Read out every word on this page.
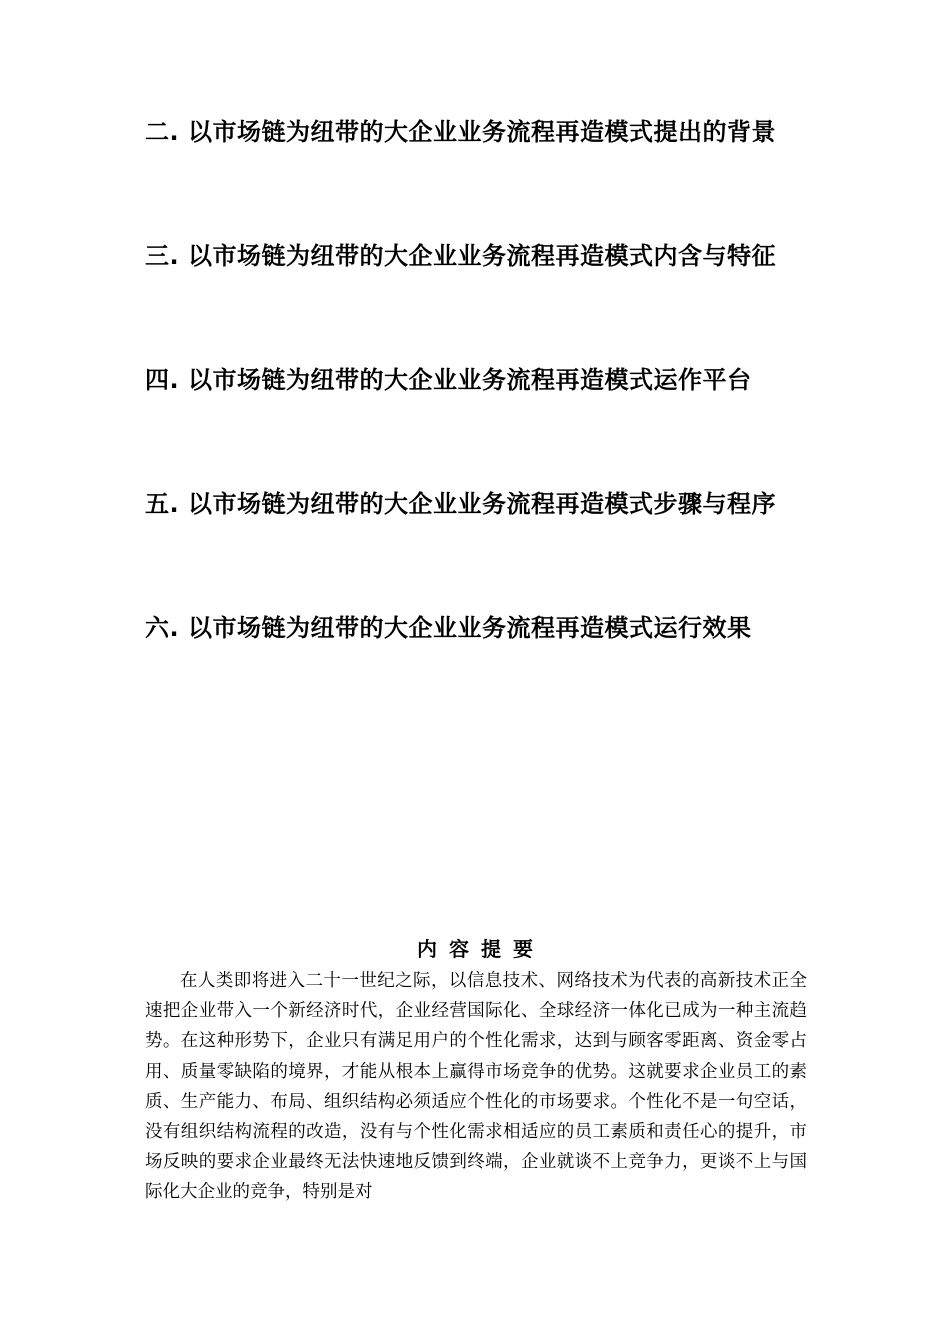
二. 以市场链为纽带的大企业业务流程再造模式提出的背景
三. 以市场链为纽带的大企业业务流程再造模式内含与特征
四. 以市场链为纽带的大企业业务流程再造模式运作平台
五. 以市场链为纽带的大企业业务流程再造模式步骤与程序
六. 以市场链为纽带的大企业业务流程再造模式运行效果
内容提要

在人类即将进入二十一世纪之际，以信息技术、网络技术为代表的高新技术正全速把企业带入一个新经济时代，企业经营国际化、全球经济一体化已成为一种主流趋势。在这种形势下，企业只有满足用户的个性化需求，达到与顾客零距离、资金零占用、质量零缺陷的境界，才能从根本上赢得市场竞争的优势。这就要求企业员工的素质、生产能力、布局、组织结构必须适应个性化的市场要求。个性化不是一句空话，没有组织结构流程的改造，没有与个性化需求相适应的员工素质和责任心的提升，市场反映的要求企业最终无法快速地反馈到终端，企业就谈不上竞争力，更谈不上与国际化大企业的竞争，特别是对
